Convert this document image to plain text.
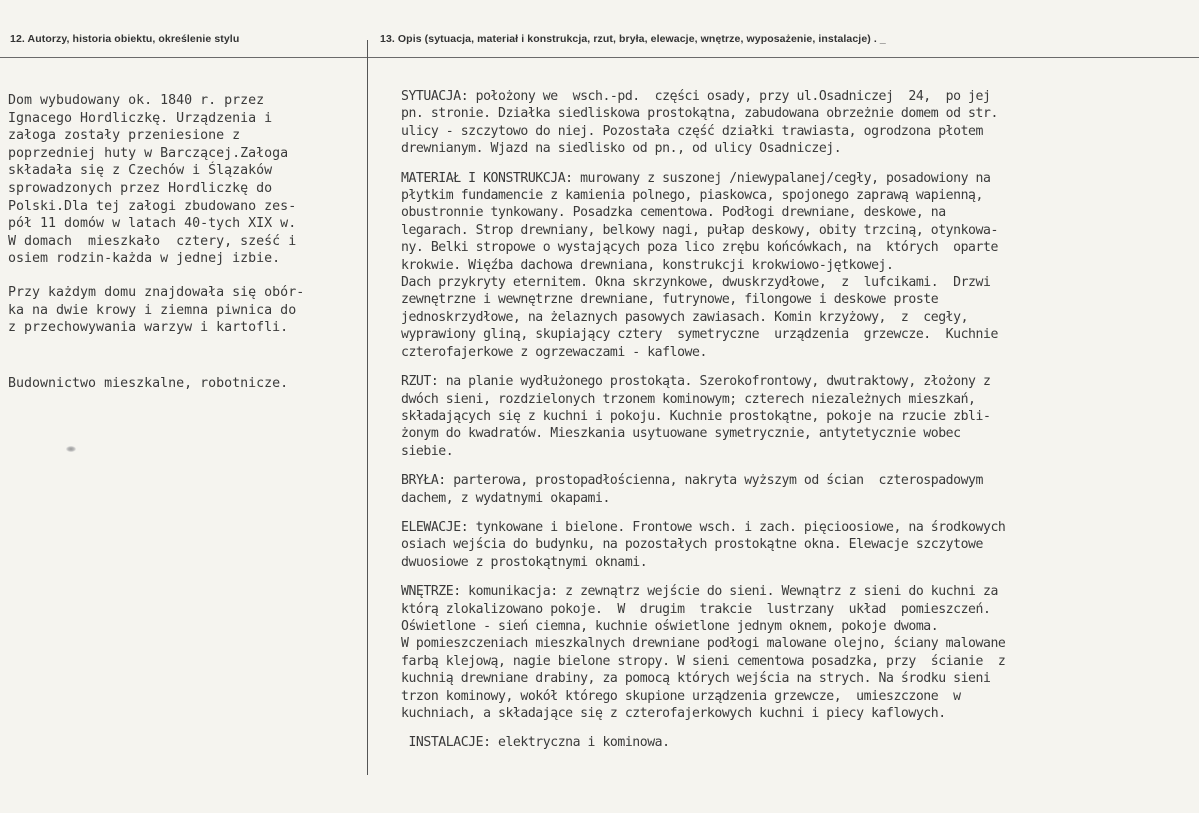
12. Autorzy, historia obiektu, określenie stylu	13. Opis (sytuacja, materiał i konstrukcja, rzut, bryła, elewacje, wnętrze, wyposażenie, instalacje) . _
Dom wybudowany ok. 1840 r. przez
Ignacego Hordliczkę. Urządzenia i
załoga zostały przeniesione z
poprzedniej huty w Barczącej.Załoga
składała się z Czechów i Ślązaków
sprowadzonych przez Hordliczkę do
Polski.Dla tej załogi zbudowano zes-
pół 11 domów w latach 40-tych XIX w.
W domach  mieszkało  cztery, sześć i
osiem rodzin-każda w jednej izbie.
Przy każdym domu znajdowała się obór-
ka na dwie krowy i ziemna piwnica do
z przechowywania warzyw i kartofli.
Budownictwo mieszkalne, robotnicze.
SYTUACJA: położony we  wsch.-pd.  części osady, przy ul.Osadniczej  24,  po jej
pn. stronie. Działka siedliskowa prostokątna, zabudowana obrzeżnie domem od str.
ulicy - szczytowo do niej. Pozostała część działki trawiasta, ogrodzona płotem
drewnianym. Wjazd na siedlisko od pn., od ulicy Osadniczej.
MATERIAŁ I KONSTRUKCJA: murowany z suszonej /niewypalanej/cegły, posadowiony na
płytkim fundamencie z kamienia polnego, piaskowca, spojonego zaprawą wapienną,
obustronnie tynkowany. Posadzka cementowa. Podłogi drewniane, deskowe, na
legarach. Strop drewniany, belkowy nagi, pułap deskowy, obity trzciną, otynkowa-
ny. Belki stropowe o wystających poza lico zrębu końcówkach, na  których  oparte
krokwie. Więźba dachowa drewniana, konstrukcji krokwiowo-jętkowej.
Dach przykryty eternitem. Okna skrzynkowe, dwuskrzydłowe,  z  lufcikami.  Drzwi
zewnętrzne i wewnętrzne drewniane, futrynowe, filongowe i deskowe proste
jednoskrzydłowe, na żelaznych pasowych zawiasach. Komin krzyżowy,  z  cegły,
wyprawiony gliną, skupiający cztery  symetryczne  urządzenia  grzewcze.  Kuchnie
czterofajerkowe z ogrzewaczami - kaflowe.
RZUT: na planie wydłużonego prostokąta. Szerokofrontowy, dwutraktowy, złożony z
dwóch sieni, rozdzielonych trzonem kominowym; czterech niezależnych mieszkań,
składających się z kuchni i pokoju. Kuchnie prostokątne, pokoje na rzucie zbli-
żonym do kwadratów. Mieszkania usytuowane symetrycznie, antytetycznie wobec
siebie.
BRYŁA: parterowa, prostopadłościenna, nakryta wyższym od ścian  czterospadowym
dachem, z wydatnymi okapami.
ELEWACJE: tynkowane i bielone. Frontowe wsch. i zach. pięcioosiowe, na środkowych
osiach wejścia do budynku, na pozostałych prostokątne okna. Elewacje szczytowe
dwuosiowe z prostokątnymi oknami.
WNĘTRZE: komunikacja: z zewnątrz wejście do sieni. Wewnątrz z sieni do kuchni za
którą zlokalizowano pokoje.  W  drugim  trakcie  lustrzany  układ  pomieszczeń.
Oświetlone - sień ciemna, kuchnie oświetlone jednym oknem, pokoje dwoma.
W pomieszczeniach mieszkalnych drewniane podłogi malowane olejno, ściany malowane
farbą klejową, nagie bielone stropy. W sieni cementowa posadzka, przy  ścianie  z
kuchnią drewniane drabiny, za pomocą których wejścia na strych. Na środku sieni
trzon kominowy, wokół którego skupione urządzenia grzewcze,  umieszczone  w
kuchniach, a składające się z czterofajerkowych kuchni i piecy kaflowych.
INSTALACJE: elektryczna i kominowa.
